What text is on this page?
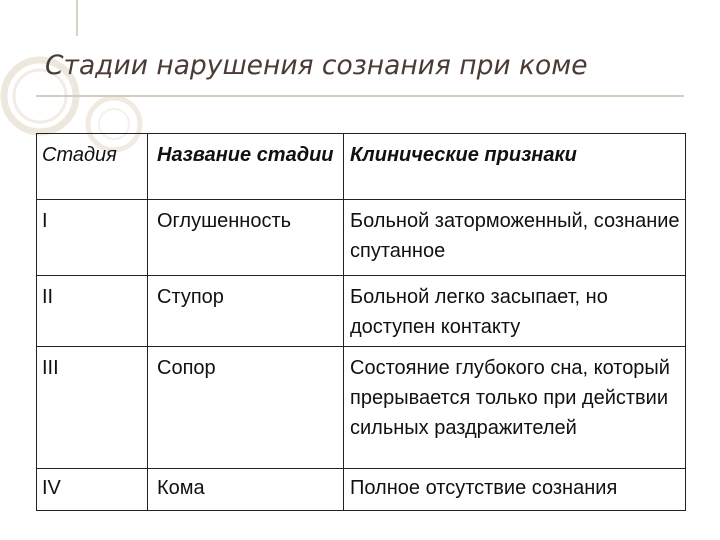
Стадии нарушения сознания при коме
Стадия	Название стадии	Клинические признаки
I	Оглушенность	Больной заторможенный, сознание спутанное
II	Ступор	Больной легко засыпает, но доступен контакту
III	Сопор	Состояние глубокого сна, который прерывается только при действии сильных раздражителей
IV	Кома	Полное отсутствие сознания
